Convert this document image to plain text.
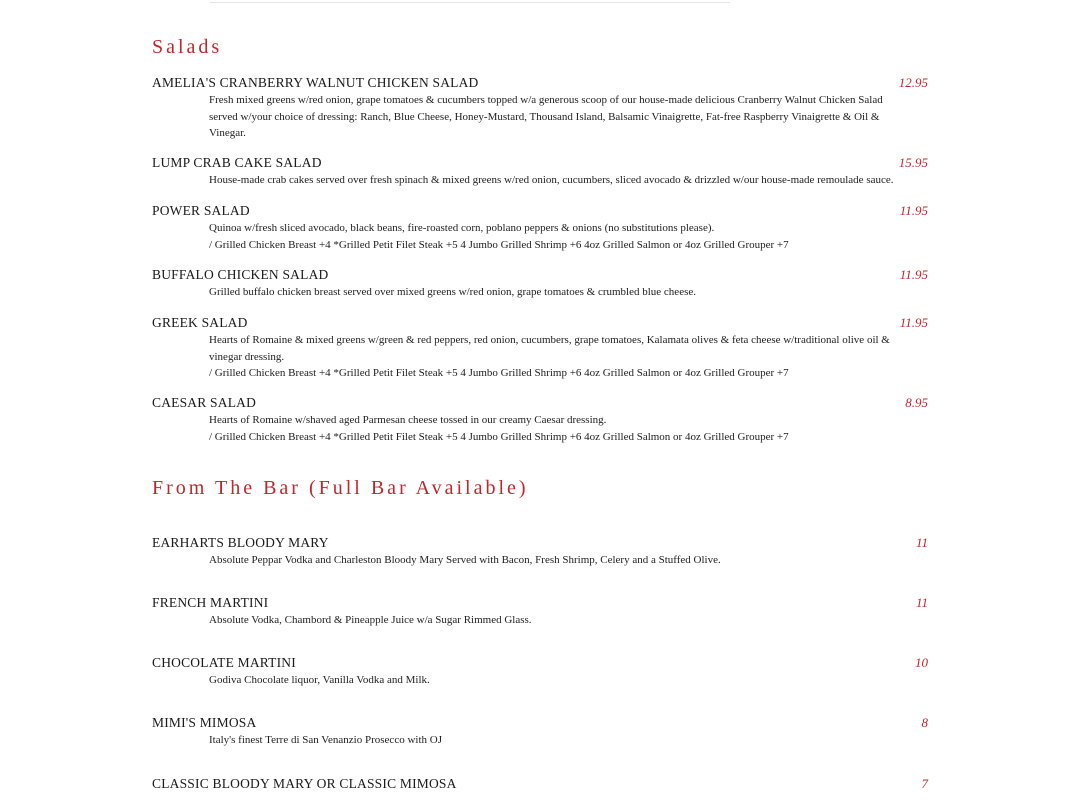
Salads
AMELIA'S CRANBERRY WALNUT CHICKEN SALAD	12.95
Fresh mixed greens w/red onion, grape tomatoes & cucumbers topped w/a generous scoop of our house-made delicious Cranberry Walnut Chicken Salad served w/your choice of dressing: Ranch, Blue Cheese, Honey-Mustard, Thousand Island, Balsamic Vinaigrette, Fat-free Raspberry Vinaigrette & Oil & Vinegar.
LUMP CRAB CAKE SALAD	15.95
House-made crab cakes served over fresh spinach & mixed greens w/red onion, cucumbers, sliced avocado & drizzled w/our house-made remoulade sauce.
POWER SALAD	11.95
Quinoa w/fresh sliced avocado, black beans, fire-roasted corn, poblano peppers & onions (no substitutions please).
/ Grilled Chicken Breast +4 *Grilled Petit Filet Steak +5 4 Jumbo Grilled Shrimp +6 4oz Grilled Salmon or 4oz Grilled Grouper +7
BUFFALO CHICKEN SALAD	11.95
Grilled buffalo chicken breast served over mixed greens w/red onion, grape tomatoes & crumbled blue cheese.
GREEK SALAD	11.95
Hearts of Romaine & mixed greens w/green & red peppers, red onion, cucumbers, grape tomatoes, Kalamata olives & feta cheese w/traditional olive oil & vinegar dressing.
/ Grilled Chicken Breast +4 *Grilled Petit Filet Steak +5 4 Jumbo Grilled Shrimp +6 4oz Grilled Salmon or 4oz Grilled Grouper +7
CAESAR SALAD	8.95
Hearts of Romaine w/shaved aged Parmesan cheese tossed in our creamy Caesar dressing.
/ Grilled Chicken Breast +4 *Grilled Petit Filet Steak +5 4 Jumbo Grilled Shrimp +6 4oz Grilled Salmon or 4oz Grilled Grouper +7
From The Bar (Full Bar Available)
EARHARTS BLOODY MARY	11
Absolute Peppar Vodka and Charleston Bloody Mary Served with Bacon, Fresh Shrimp, Celery and a Stuffed Olive.
FRENCH MARTINI	11
Absolute Vodka, Chambord & Pineapple Juice w/a Sugar Rimmed Glass.
CHOCOLATE MARTINI	10
Godiva Chocolate liquor, Vanilla Vodka and Milk.
MIMI'S MIMOSA	8
Italy's finest Terre di San Venanzio Prosecco with OJ
CLASSIC BLOODY MARY OR CLASSIC MIMOSA	7
